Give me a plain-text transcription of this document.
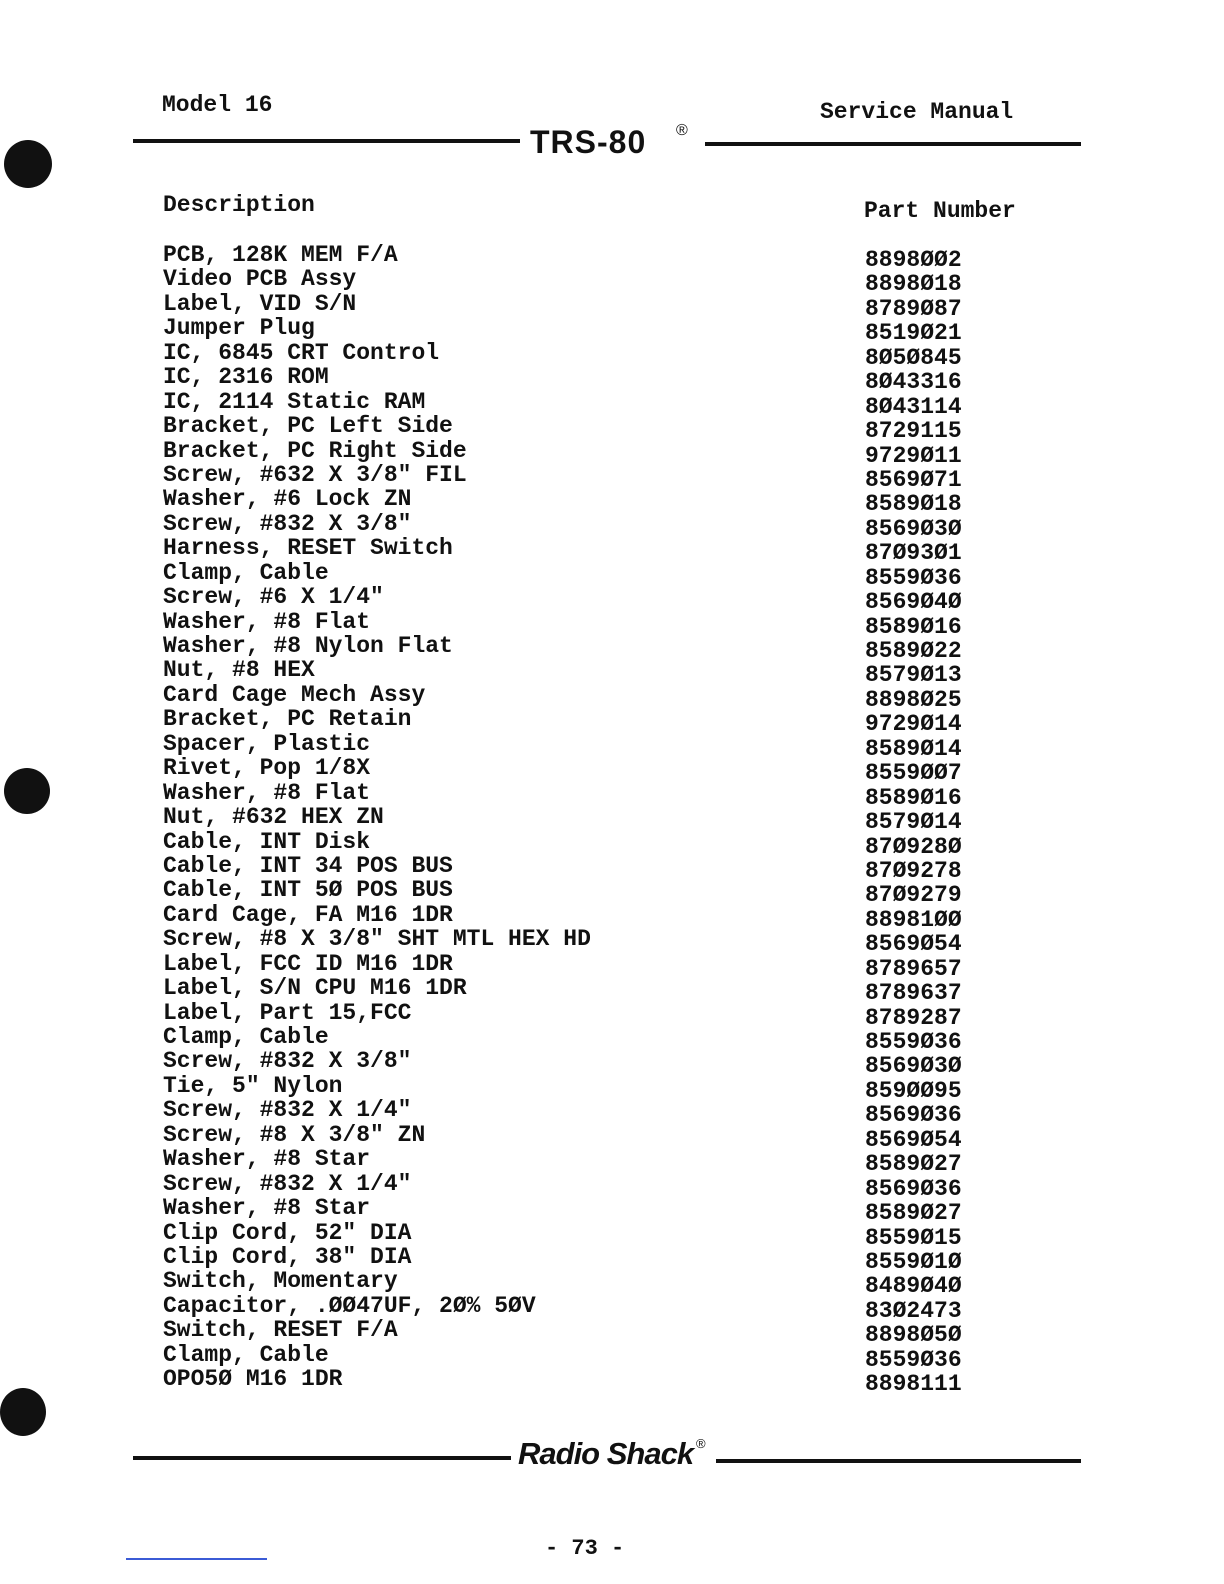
Model 16	Service Manual
TRS-80 ®
Description	Part Number
PCB, 128K MEM F/A	8898ØØ2
Video PCB Assy	8898Ø18
Label, VID S/N	8789Ø87
Jumper Plug	8519Ø21
IC, 6845 CRT Control	8Ø5Ø845
IC, 2316 ROM	8Ø43316
IC, 2114 Static RAM	8Ø43114
Bracket, PC Left Side	8729115
Bracket, PC Right Side	9729Ø11
Screw, #632 X 3/8" FIL	8569Ø71
Washer, #6 Lock ZN	8589Ø18
Screw, #832 X 3/8"	8569Ø3Ø
Harness, RESET Switch	87Ø93Ø1
Clamp, Cable	8559Ø36
Screw, #6 X 1/4"	8569Ø4Ø
Washer, #8 Flat	8589Ø16
Washer, #8 Nylon Flat	8589Ø22
Nut, #8 HEX	8579Ø13
Card Cage Mech Assy	8898Ø25
Bracket, PC Retain	9729Ø14
Spacer, Plastic	8589Ø14
Rivet, Pop 1/8X	8559ØØ7
Washer, #8 Flat	8589Ø16
Nut, #632 HEX ZN	8579Ø14
Cable, INT Disk	87Ø928Ø
Cable, INT 34 POS BUS	87Ø9278
Cable, INT 5Ø POS BUS	87Ø9279
Card Cage, FA M16 1DR	88981ØØ
Screw, #8 X 3/8" SHT MTL HEX HD	8569Ø54
Label, FCC ID M16 1DR	8789657
Label, S/N CPU M16 1DR	8789637
Label, Part 15,FCC	8789287
Clamp, Cable	8559Ø36
Screw, #832 X 3/8"	8569Ø3Ø
Tie, 5" Nylon	859ØØ95
Screw, #832 X 1/4"	8569Ø36
Screw, #8 X 3/8" ZN	8569Ø54
Washer, #8 Star	8589Ø27
Screw, #832 X 1/4"	8569Ø36
Washer, #8 Star	8589Ø27
Clip Cord, 52" DIA	8559Ø15
Clip Cord, 38" DIA	8559Ø1Ø
Switch, Momentary	8489Ø4Ø
Capacitor, .ØØ47UF, 2Ø% 5ØV	83Ø2473
Switch, RESET F/A	8898Ø5Ø
Clamp, Cable	8559Ø36
OPO5Ø M16 1DR	8898111
Radio Shack ®
- 73 -
